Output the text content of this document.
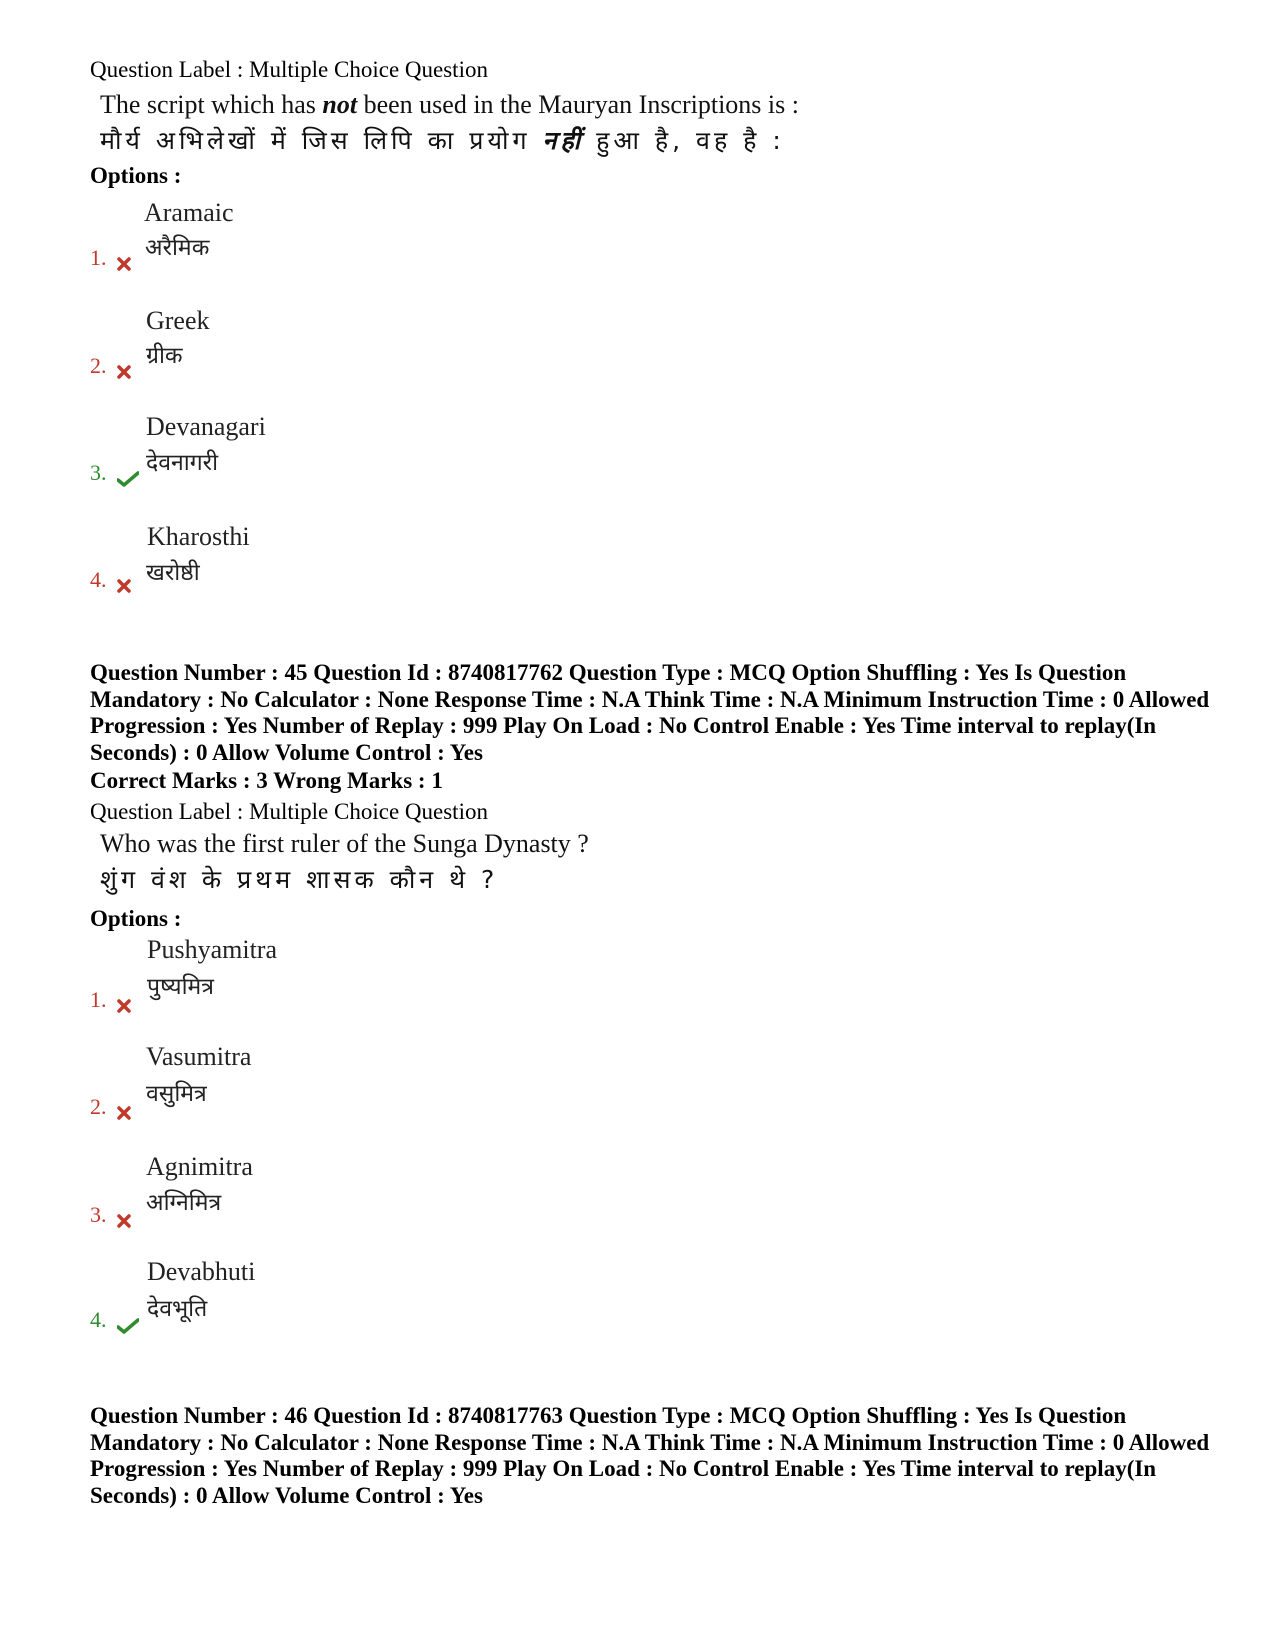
Question Label : Multiple Choice Question
The script which has not been used in the Mauryan Inscriptions is :
मौर्य अभिलेखों में जिस लिपि का प्रयोग नहीं हुआ है, वह है :
Options :
Aramaic
अरैमिक
1.
Greek
ग्रीक
2.
Devanagari
देवनागरी
3.
Kharosthi
खरोष्ठी
4.
Question Number : 45 Question Id : 8740817762 Question Type : MCQ Option Shuffling : Yes Is Question Mandatory : No Calculator : None Response Time : N.A Think Time : N.A Minimum Instruction Time : 0 Allowed Progression : Yes Number of Replay : 999 Play On Load : No Control Enable : Yes Time interval to replay(In Seconds) : 0 Allow Volume Control : Yes
Correct Marks : 3 Wrong Marks : 1
Question Label : Multiple Choice Question
Who was the first ruler of the Sunga Dynasty ?
शुंग वंश के प्रथम शासक कौन थे ?
Options :
Pushyamitra
पुष्यमित्र
1.
Vasumitra
वसुमित्र
2.
Agnimitra
अग्निमित्र
3.
Devabhuti
देवभूति
4.
Question Number : 46 Question Id : 8740817763 Question Type : MCQ Option Shuffling : Yes Is Question Mandatory : No Calculator : None Response Time : N.A Think Time : N.A Minimum Instruction Time : 0 Allowed Progression : Yes Number of Replay : 999 Play On Load : No Control Enable : Yes Time interval to replay(In Seconds) : 0 Allow Volume Control : Yes
